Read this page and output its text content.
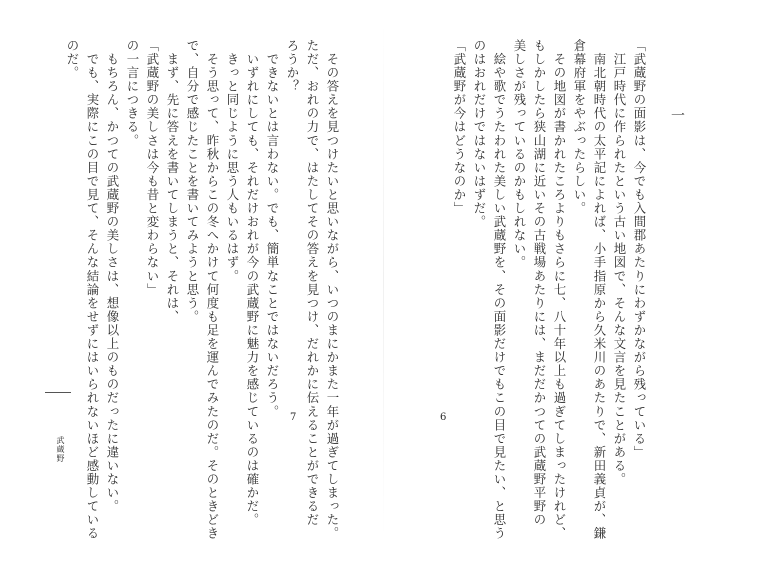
一
「武蔵野の面影は、今でも入間郡あたりにわずかながら残っている」
　江戸時代に作られたという古い地図で、そんな文言を見たことがある。
　南北朝時代の太平記によれば、小手指原から久米川のあたりで、新田義貞が、鎌
倉幕府軍をやぶったらしい。
　その地図が書かれたころよりもさらに七、八十年以上も過ぎてしまったけれど、
もしかしたら狭山湖に近いその古戦場あたりには、まだだかつての武蔵野平野の
美しさが残っているのかもしれない。
　絵や歌でうたわれた美しい武蔵野を、その面影だけでもこの目で見たい、と思う
のはおれだけではないはずだ。
「武蔵野が今はどうなのか」
6
　その答えを見つけたいと思いながら、いつのまにかまた一年が過ぎてしまった。
ただ、おれの力で、はたしてその答えを見つけ、だれかに伝えることができるだ
ろうか？
　できないとは言わない。でも、簡単なことではないだろう。
　いずれにしても、それだけおれが今の武蔵野に魅力を感じているのは確かだ。
　きっと同じように思う人もいるはず。
　そう思って、昨秋からこの冬へかけて何度も足を運んでみたのだ。そのときどき
で、自分で感じたことを書いてみようと思う。
　まず、先に答えを書いてしまうと、それは、
「武蔵野の美しさは今も昔と変わらない」
の一言につきる。
　もちろん、かつての武蔵野の美しさは、想像以上のものだったに違いない。
　でも、実際にこの目で見て、そんな結論をせずにはいられないほど感動している
のだ。
7
武蔵野
